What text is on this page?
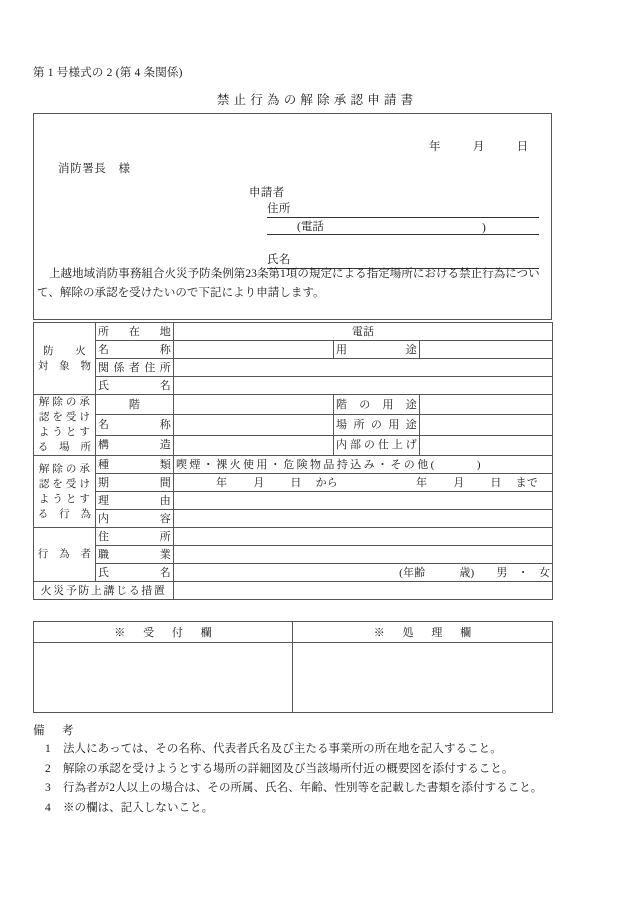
第 1 号様式の 2 (第 4 条関係)
禁止行為の解除承認申請書
年	月	日
消防署長　様
申請者
住所
(電話	)
氏名

上越地域消防事務組合火災予防条例第23条第1項の規定による指定場所における禁止行為について、解除の承認を受けたいので下記により申請します。

防　　火
対　象　物	所　在　地	電話		
	名　　称		用　　途	
	関係者住所			
	氏　　名			

解 除 の 承
認 を 受 け
よ う と す
る　場　所	階		階　の　用　途	
	名　　称		場 所 の 用 途	
	構　　造		内部の仕上げ	

解 除 の 承
認 を 受 け
よ う と す
る　行　為	種　　類	喫煙・裸火使用・危険物品持込み・その他(　　　)		
	期　　間	年 月 日 から 年 月 日 まで		

	理　　由			
	内　　容			

行　為　者	住　　所			
	職　　業			
	氏　　名	(年齢 歳) 男 ・ 女		
火災予防上講じる措置				
※　受　付　欄	※　処　理　欄

備　考
1 法人にあっては、その名称、代表者氏名及び主たる事業所の所在地を記入すること。
2 解除の承認を受けようとする場所の詳細図及び当該場所付近の概要図を添付すること。
3 行為者が2人以上の場合は、その所属、氏名、年齢、性別等を記載した書類を添付すること。
4 ※の欄は、記入しないこと。
